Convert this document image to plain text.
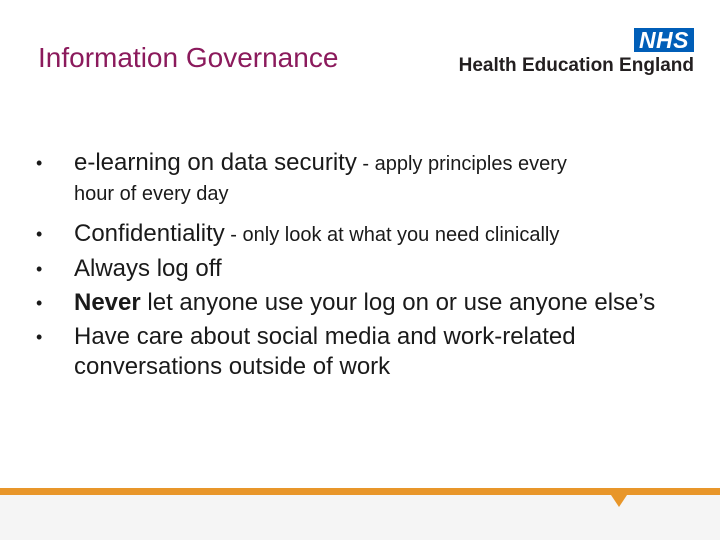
Information Governance
NHS
Health Education England
• e-learning on data security - apply principles every
hour of every day
• Confidentiality - only look at what you need clinically
• Always log off
• Never let anyone use your log on or use anyone else’s
• Have care about social media and work-related conversations outside of work
